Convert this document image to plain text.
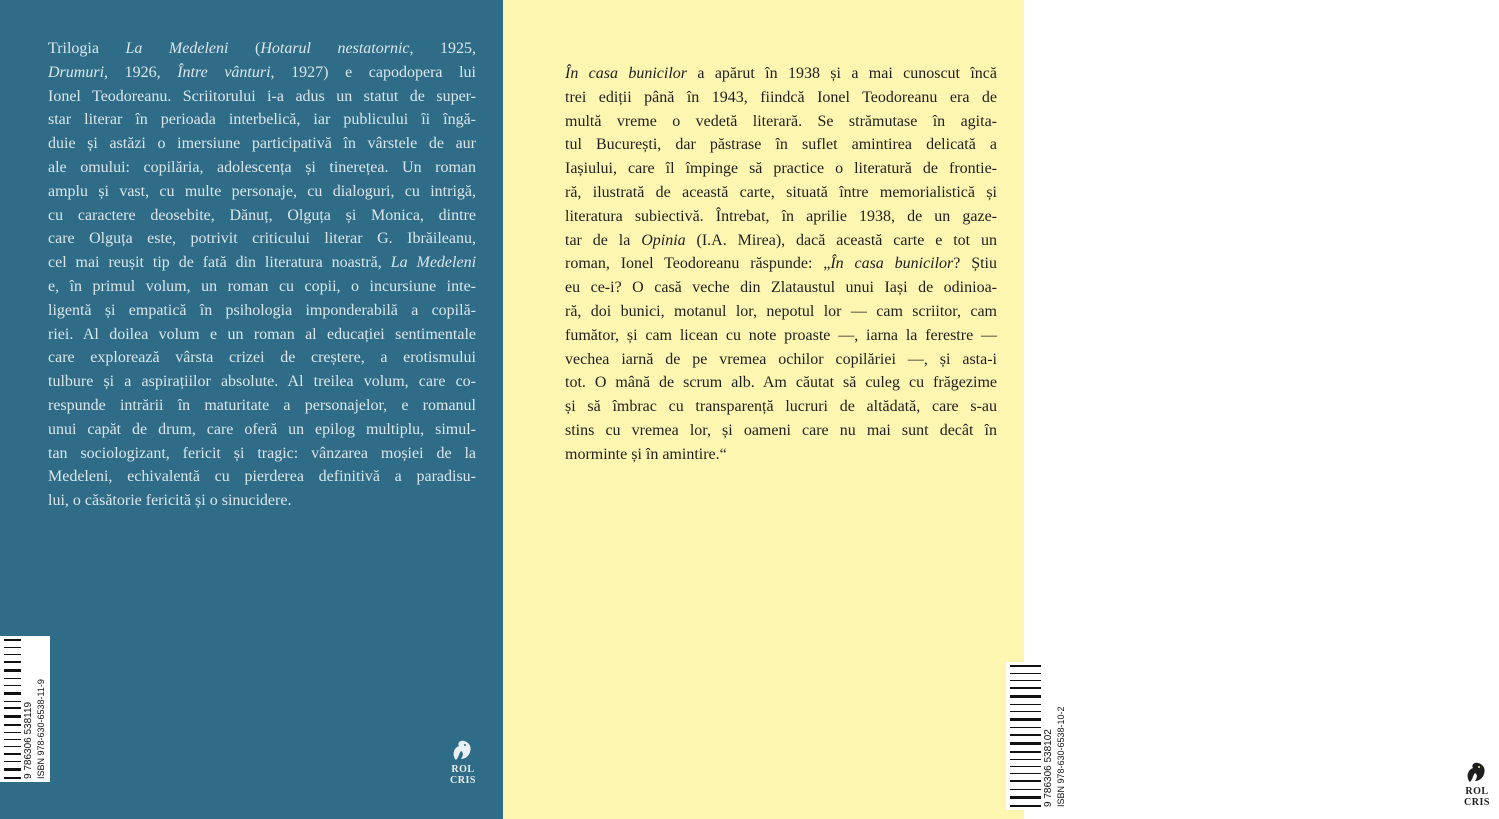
Trilogia La Medeleni (Hotarul nestatornic, 1925,
Drumuri, 1926, Între vânturi, 1927) e capodopera lui
Ionel Teodoreanu. Scriitorului i-a adus un statut de super-
star literar în perioada interbelică, iar publicului îi îngă-
duie și astăzi o imersiune participativă în vârstele de aur
ale omului: copilăria, adolescența și tinerețea. Un roman
amplu și vast, cu multe personaje, cu dialoguri, cu intrigă,
cu caractere deosebite, Dănuț, Olguța și Monica, dintre
care Olguța este, potrivit criticului literar G. Ibrăileanu,
cel mai reușit tip de fată din literatura noastră, La Medeleni
e, în primul volum, un roman cu copii, o incursiune inte-
ligentă și empatică în psihologia imponderabilă a copilă-
riei. Al doilea volum e un roman al educației sentimentale
care explorează vârsta crizei de creștere, a erotismului
tulbure și a aspirațiilor absolute. Al treilea volum, care co-
respunde intrării în maturitate a personajelor, e romanul
unui capăt de drum, care oferă un epilog multiplu, simul-
tan sociologizant, fericit și tragic: vânzarea moșiei de la
Medeleni, echivalentă cu pierderea definitivă a paradisu-
lui, o căsătorie fericită și o sinucidere.

9 786306 538119 ISBN 978-630-6538-11-9	ROL
CRIS

În casa bunicilor a apărut în 1938 și a mai cunoscut încă
trei ediții până în 1943, fiindcă Ionel Teodoreanu era de
multă vreme o vedetă literară. Se strămutase în agita-
tul București, dar păstrase în suflet amintirea delicată a
Iașiului, care îl împinge să practice o literatură de frontie-
ră, ilustrată de această carte, situată între memorialistică și
literatura subiectivă. Întrebat, în aprilie 1938, de un gaze-
tar de la Opinia (I.A. Mirea), dacă această carte e tot un
roman, Ionel Teodoreanu răspunde: „În casa bunicilor? Știu
eu ce-i? O casă veche din Zlataustul unui Iași de odinioa-
ră, doi bunici, motanul lor, nepotul lor — cam scriitor, cam
fumător, și cam licean cu note proaste —, iarna la ferestre —
vechea iarnă de pe vremea ochilor copilăriei —, și asta-i
tot. O mână de scrum alb. Am căutat să culeg cu frăgezime
și să îmbrac cu transparență lucruri de altădată, care s-au
stins cu vremea lor, și oameni care nu mai sunt decât în
morminte și în amintire.“

9 786306 538102 ISBN 978-630-6538-10-2	ROL
CRIS
